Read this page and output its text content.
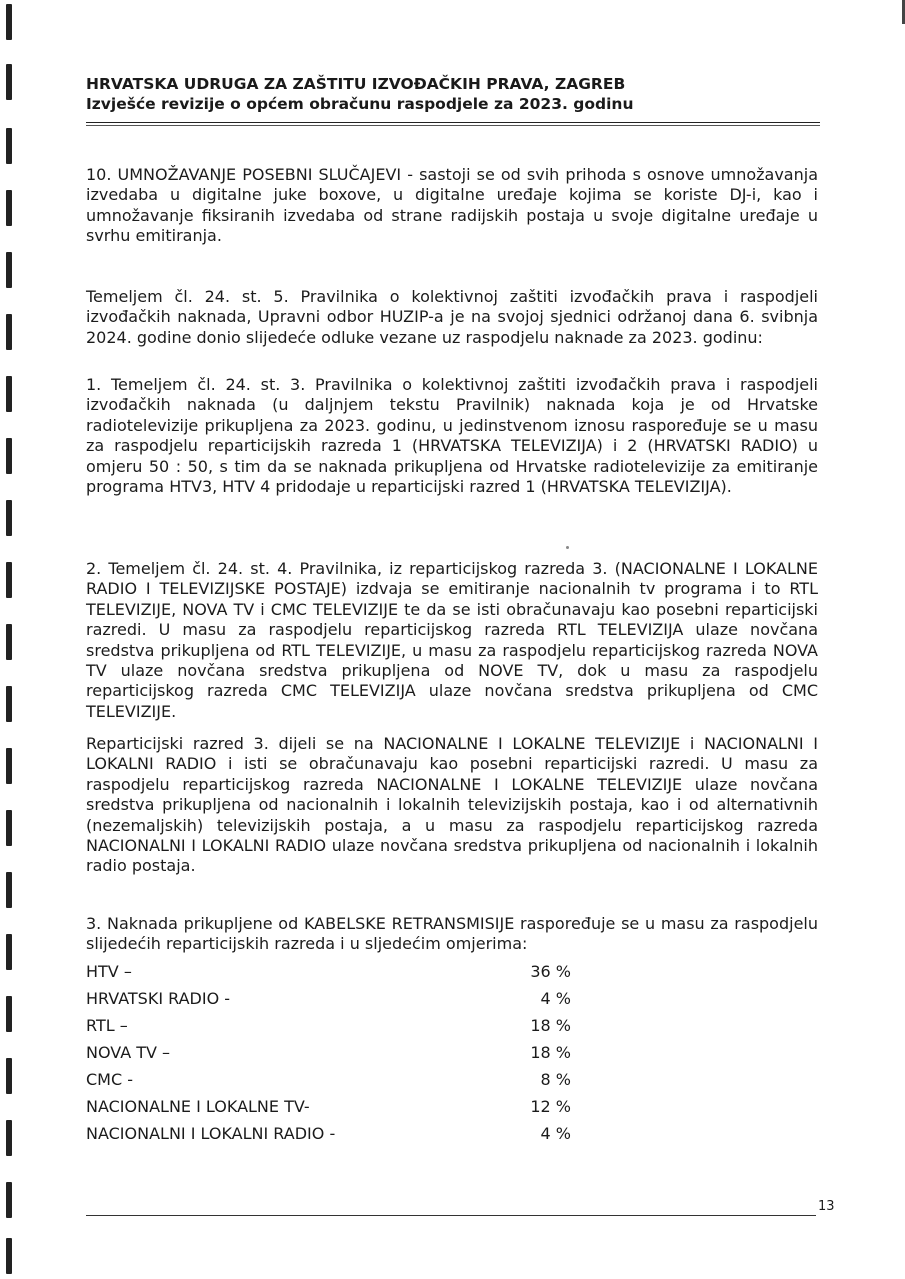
HRVATSKA UDRUGA ZA ZAŠTITU IZVOĐAČKIH PRAVA, ZAGREB
Izvješće revizije o općem obračunu raspodjele za 2023. godinu
10. UMNOŽAVANJE POSEBNI SLUČAJEVI - sastoji se od svih prihoda s osnove umnožavanja izvedaba u digitalne juke boxove, u digitalne uređaje kojima se koriste DJ-i, kao i umnožavanje fiksiranih izvedaba od strane radijskih postaja u svoje digitalne uređaje u svrhu emitiranja.
Temeljem čl. 24. st. 5. Pravilnika o kolektivnoj zaštiti izvođačkih prava i raspodjeli izvođačkih naknada, Upravni odbor HUZIP-a je na svojoj sjednici održanoj dana 6. svibnja 2024. godine donio slijedeće odluke vezane uz raspodjelu naknade za 2023. godinu:
1. Temeljem čl. 24. st. 3. Pravilnika o kolektivnoj zaštiti izvođačkih prava i raspodjeli izvođačkih naknada (u daljnjem tekstu Pravilnik) naknada koja je od Hrvatske radiotelevizije prikupljena za 2023. godinu, u jedinstvenom iznosu raspoređuje se u masu za raspodjelu reparticijskih razreda 1 (HRVATSKA TELEVIZIJA) i 2 (HRVATSKI RADIO) u omjeru 50 : 50, s tim da se naknada prikupljena od Hrvatske radiotelevizije za emitiranje programa HTV3, HTV 4 pridodaje u reparticijski razred 1 (HRVATSKA TELEVIZIJA).
2. Temeljem čl. 24. st. 4. Pravilnika, iz reparticijskog razreda 3. (NACIONALNE I LOKALNE RADIO I TELEVIZIJSKE POSTAJE) izdvaja se emitiranje nacionalnih tv programa i to RTL TELEVIZIJE, NOVA TV i CMC TELEVIZIJE te da se isti obračunavaju kao posebni reparticijski razredi. U masu za raspodjelu reparticijskog razreda RTL TELEVIZIJA ulaze novčana sredstva prikupljena od RTL TELEVIZIJE, u masu za raspodjelu reparticijskog razreda NOVA TV ulaze novčana sredstva prikupljena od NOVE TV, dok u masu za raspodjelu reparticijskog razreda CMC TELEVIZIJA ulaze novčana sredstva prikupljena od CMC TELEVIZIJE.
Reparticijski razred 3. dijeli se na NACIONALNE I LOKALNE TELEVIZIJE i NACIONALNI I LOKALNI RADIO i isti se obračunavaju kao posebni reparticijski razredi. U masu za raspodjelu reparticijskog razreda NACIONALNE I LOKALNE TELEVIZIJE ulaze novčana sredstva prikupljena od nacionalnih i lokalnih televizijskih postaja, kao i od alternativnih (nezemaljskih) televizijskih postaja, a u masu za raspodjelu reparticijskog razreda NACIONALNI I LOKALNI RADIO ulaze novčana sredstva prikupljena od nacionalnih i lokalnih radio postaja.
3. Naknada prikupljene od KABELSKE RETRANSMISIJE raspoređuje se u masu za raspodjelu slijedećih reparticijskih razreda i u sljedećim omjerima:
HTV –	36 %
HRVATSKI RADIO -	4 %
RTL –	18 %
NOVA TV –	18 %
CMC -	8 %
NACIONALNE I LOKALNE TV-	12 %
NACIONALNI I LOKALNI RADIO -	4 %
13
